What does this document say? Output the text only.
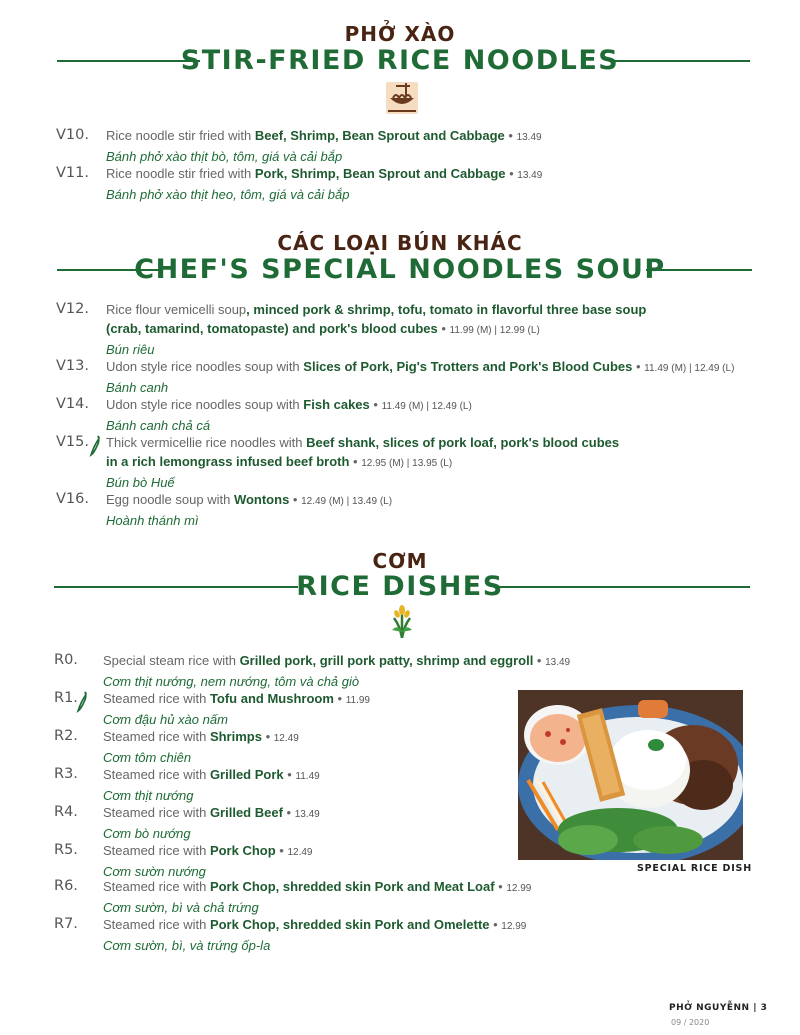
PHỞ XÀO
STIR-FRIED RICE NOODLES
V10. Rice noodle stir fried with Beef, Shrimp, Bean Sprout and Cabbage • 13.49
Bánh phở xào thịt bò, tôm, giá và cải bắp
V11. Rice noodle stir fried with Pork, Shrimp, Bean Sprout and Cabbage • 13.49
Bánh phở xào thịt heo, tôm, giá và cải bắp
CÁC LOẠI BÚN KHÁC
CHEF'S SPECIAL NOODLES SOUP
V12. Rice flour vemicelli soup, minced pork & shrimp, tofu, tomato in flavorful three base soup
(crab, tamarind, tomatopaste) and pork's blood cubes • 11.99 (M) | 12.99 (L)
Bún riêu
V13. Udon style rice noodles soup with Slices of Pork, Pig's Trotters and Pork's Blood Cubes • 11.49 (M) | 12.49 (L)
Bánh canh
V14. Udon style rice noodles soup with Fish cakes • 11.49 (M) | 12.49 (L)
Bánh canh chả cá
V15. Thick vermicellie rice noodles with Beef shank, slices of pork loaf, pork's blood cubes
in a rich lemongrass infused beef broth • 12.95 (M) | 13.95 (L)
Bún bò Huế
V16. Egg noodle soup with Wontons • 12.49 (M) | 13.49 (L)
Hoành thánh mì
CƠM
RICE DISHES
R0. Special steam rice with Grilled pork, grill pork patty, shrimp and eggroll • 13.49
Cơm thịt nướng, nem nướng, tôm và chả giò
R1. Steamed rice with Tofu and Mushroom • 11.99
Cơm đậu hủ xào nấm
R2. Steamed rice with Shrimps • 12.49
Cơm tôm chiên
R3. Steamed rice with Grilled Pork • 11.49
Cơm thịt nướng
R4. Steamed rice with Grilled Beef • 13.49
Cơm bò nướng
R5. Steamed rice with Pork Chop • 12.49
Cơm sườn nướng
R6. Steamed rice with Pork Chop, shredded skin Pork and Meat Loaf • 12.99
Cơm sườn, bì và chả trứng
R7. Steamed rice with Pork Chop, shredded skin Pork and Omelette • 12.99
Cơm sườn, bì, và trứng ốp-la
SPECIAL RICE DISH
PHỞ NGUYỄNN | 3
09 / 2020
